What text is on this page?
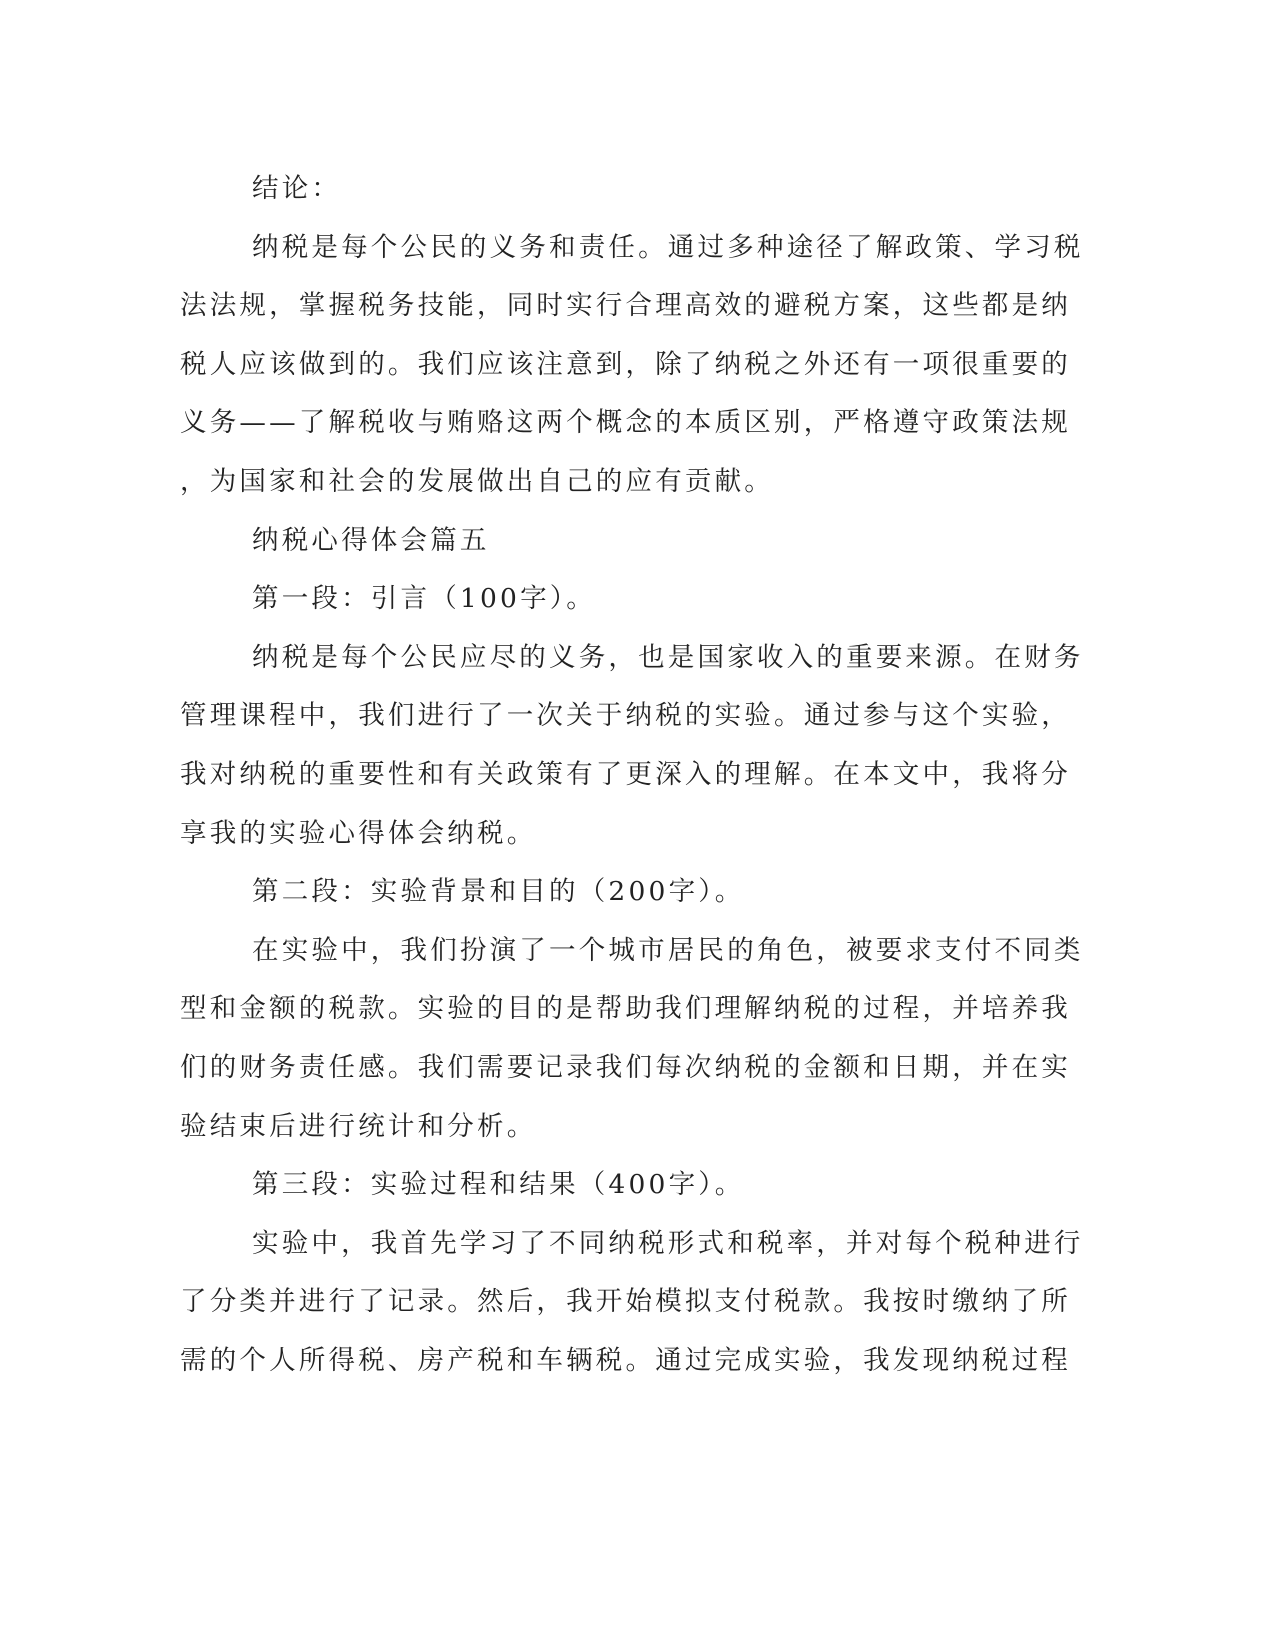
结论：
纳税是每个公民的义务和责任。通过多种途径了解政策、学习税
法法规，掌握税务技能，同时实行合理高效的避税方案，这些都是纳
税人应该做到的。我们应该注意到，除了纳税之外还有一项很重要的
义务——了解税收与贿赂这两个概念的本质区别，严格遵守政策法规
，为国家和社会的发展做出自己的应有贡献。
纳税心得体会篇五
第一段：引言（100字）。
纳税是每个公民应尽的义务，也是国家收入的重要来源。在财务
管理课程中，我们进行了一次关于纳税的实验。通过参与这个实验，
我对纳税的重要性和有关政策有了更深入的理解。在本文中，我将分
享我的实验心得体会纳税。
第二段：实验背景和目的（200字）。
在实验中，我们扮演了一个城市居民的角色，被要求支付不同类
型和金额的税款。实验的目的是帮助我们理解纳税的过程，并培养我
们的财务责任感。我们需要记录我们每次纳税的金额和日期，并在实
验结束后进行统计和分析。
第三段：实验过程和结果（400字）。
实验中，我首先学习了不同纳税形式和税率，并对每个税种进行
了分类并进行了记录。然后，我开始模拟支付税款。我按时缴纳了所
需的个人所得税、房产税和车辆税。通过完成实验，我发现纳税过程
